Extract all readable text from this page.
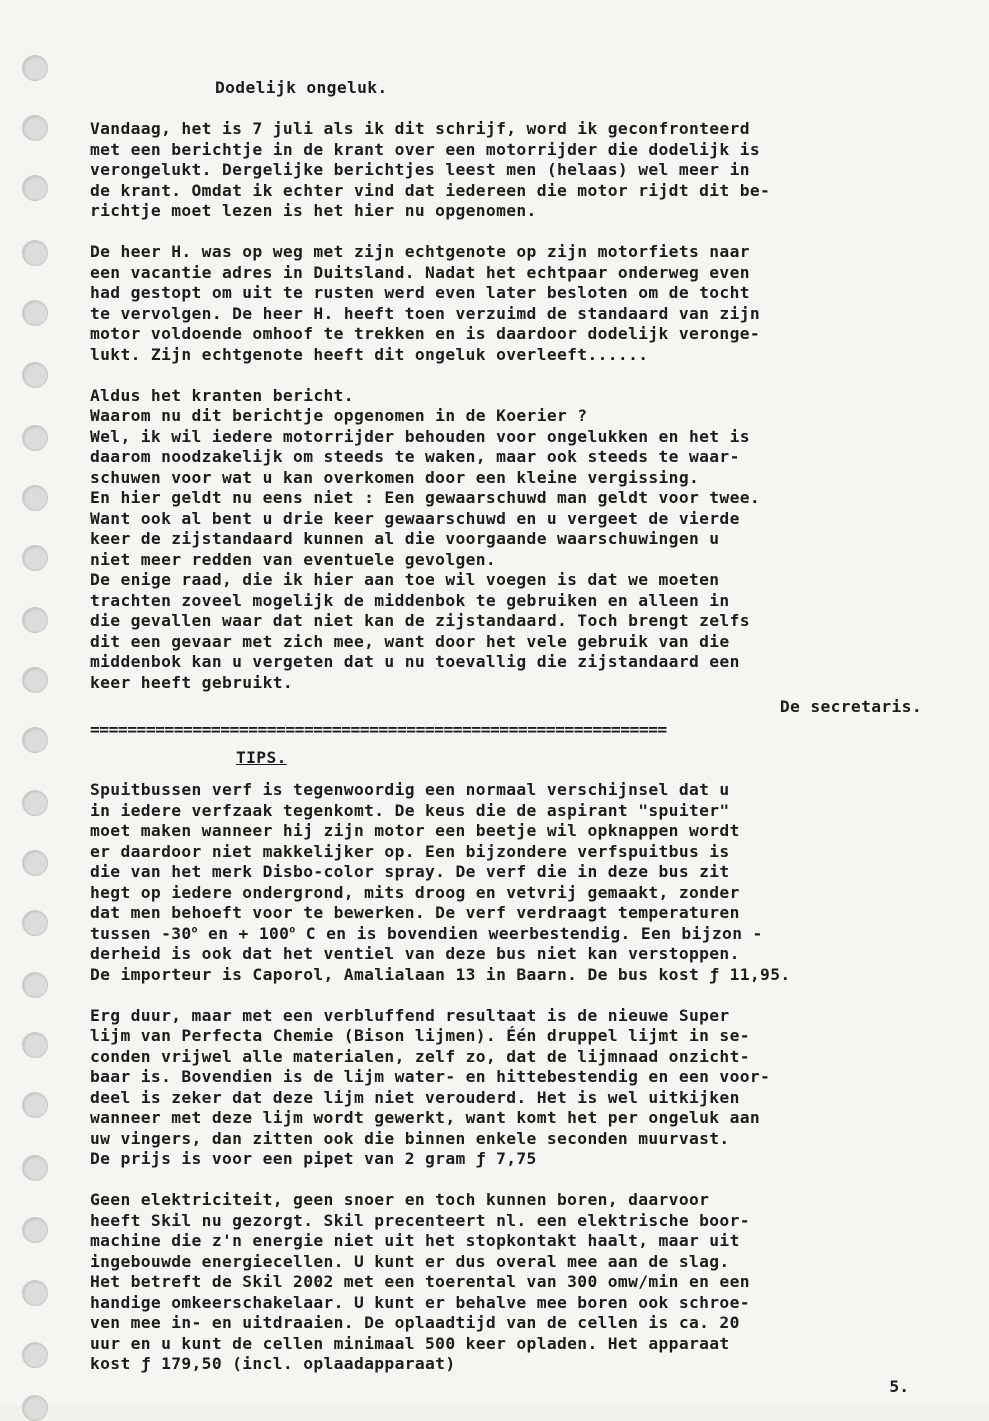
Dodelijk ongeluk.
Vandaag, het is 7 juli als ik dit schrijf, word ik geconfronteerd
met een berichtje in de krant over een motorrijder die dodelijk is
verongelukt. Dergelijke berichtjes leest men (helaas) wel meer in
de krant. Omdat ik echter vind dat iedereen die motor rijdt dit be-
richtje moet lezen is het hier nu opgenomen.
De heer H. was op weg met zijn echtgenote op zijn motorfiets naar
een vacantie adres in Duitsland. Nadat het echtpaar onderweg even
had gestopt om uit te rusten werd even later besloten om de tocht
te vervolgen. De heer H. heeft toen verzuimd de standaard van zijn
motor voldoende omhoof te trekken en is daardoor dodelijk veronge-
lukt. Zijn echtgenote heeft dit ongeluk overleeft......
Aldus het kranten bericht.
Waarom nu dit berichtje opgenomen in de Koerier ?
Wel, ik wil iedere motorrijder behouden voor ongelukken en het is
daarom noodzakelijk om steeds te waken, maar ook steeds te waar-
schuwen voor wat u kan overkomen door een kleine vergissing.
En hier geldt nu eens niet : Een gewaarschuwd man geldt voor twee.
Want ook al bent u drie keer gewaarschuwd en u vergeet de vierde
keer de zijstandaard kunnen al die voorgaande waarschuwingen u
niet meer redden van eventuele gevolgen.
De enige raad, die ik hier aan toe wil voegen is dat we moeten
trachten zoveel mogelijk de middenbok te gebruiken en alleen in
die gevallen waar dat niet kan de zijstandaard. Toch brengt zelfs
dit een gevaar met zich mee, want door het vele gebruik van die
middenbok kan u vergeten dat u nu toevallig die zijstandaard een
keer heeft gebruikt.
De secretaris.
==============================================================
TIPS.
Spuitbussen verf is tegenwoordig een normaal verschijnsel dat u
in iedere verfzaak tegenkomt. De keus die de aspirant "spuiter"
moet maken wanneer hij zijn motor een beetje wil opknappen wordt
er daardoor niet makkelijker op. Een bijzondere verfspuitbus is
die van het merk Disbo-color spray. De verf die in deze bus zit
hegt op iedere ondergrond, mits droog en vetvrij gemaakt, zonder
dat men behoeft voor te bewerken. De verf verdraagt temperaturen
tussen -30$^o$ en + $100^o$ C en is bovendien weerbestendig. Een bijzon -
derheid is ook dat het ventiel van deze bus niet kan verstoppen.
De importeur is Caporol, Amalialaan 13 in Baarn. De bus kost ƒ 11,95.
Erg duur, maar met een verbluffend resultaat is de nieuwe Super
lijm van Perfecta Chemie (Bison lijmen). Één druppel lijmt in se-
conden vrijwel alle materialen, zelf zo, dat de lijmnaad onzicht-
baar is. Bovendien is de lijm water- en hittebestendig en een voor-
deel is zeker dat deze lijm niet verouderd. Het is wel uitkijken
wanneer met deze lijm wordt gewerkt, want komt het per ongeluk aan
uw vingers, dan zitten ook die binnen enkele seconden muurvast.
De prijs is voor een pipet van 2 gram ƒ 7,75
Geen elektriciteit, geen snoer en toch kunnen boren, daarvoor
heeft Skil nu gezorgt. Skil precenteert nl. een elektrische boor-
machine die z'n energie niet uit het stopkontakt haalt, maar uit
ingebouwde energiecellen. U kunt er dus overal mee aan de slag.
Het betreft de Skil 2002 met een toerental van 300 omw/min en een
handige omkeerschakelaar. U kunt er behalve mee boren ook schroe-
ven mee in- en uitdraaien. De oplaadtijd van de cellen is ca. 20
uur en u kunt de cellen minimaal 500 keer opladen. Het apparaat
kost ƒ 179,50 (incl. oplaadapparaat)
5.
